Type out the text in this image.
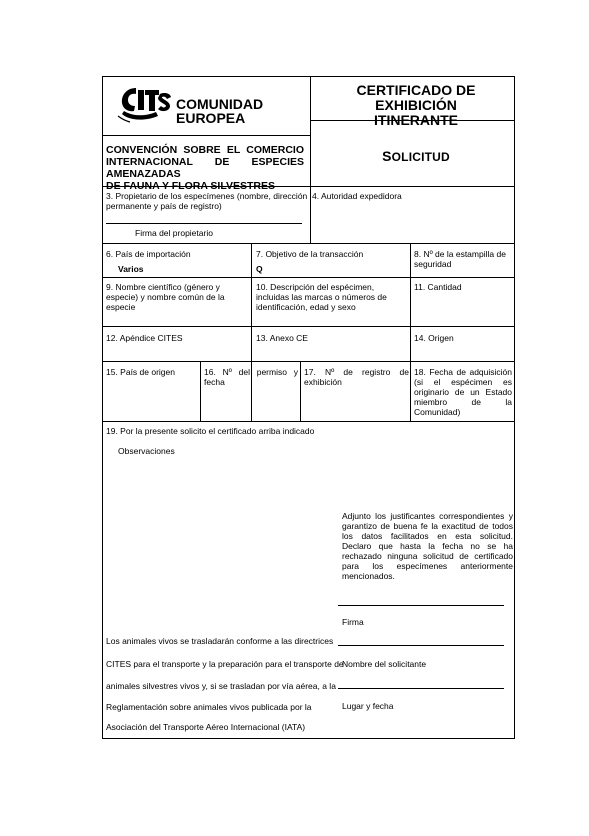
COMUNIDAD
EUROPEA
CERTIFICADO DE EXHIBICIÓN
ITINERANTE
CONVENCIÓN SOBRE EL COMERCIO
INTERNACIONAL DE ESPECIES AMENAZADAS
DE FAUNA Y FLORA SILVESTRES
SOLICITUD
3. Propietario de los especímenes (nombre, dirección permanente y país de registro)
Firma del propietario
4. Autoridad expedidora
6. País de importación
Varios
7. Objetivo de la transacción
Q
8. Nº de la estampilla de seguridad
9. Nombre científico (género y especie) y nombre común de la especie
10. Descripción del espécimen, incluidas las marcas o números de identificación, edad y sexo
11. Cantidad
12. Apéndice CITES	13. Anexo CE	14. Origen
15. País de origen	16. Nº del permiso y fecha
17. Nº de registro de exhibición
18. Fecha de adquisición (si el espécimen es originario de un Estado miembro de la Comunidad)
19. Por la presente solicito el certificado arriba indicado
Observaciones
Adjunto los justificantes correspondientes y garantizo de buena fe la exactitud de todos los datos facilitados en esta solicitud. Declaro que hasta la fecha no se ha rechazado ninguna solicitud de certificado para los especímenes anteriormente mencionados.
Firma
Nombre del solicitante
Lugar y fecha
Los animales vivos se trasladarán conforme a las directrices
CITES para el transporte y la preparación para el transporte de
animales silvestres vivos y, si se trasladan por vía aérea, a la
Reglamentación sobre animales vivos publicada por la
Asociación del Transporte Aéreo Internacional (IATA)
